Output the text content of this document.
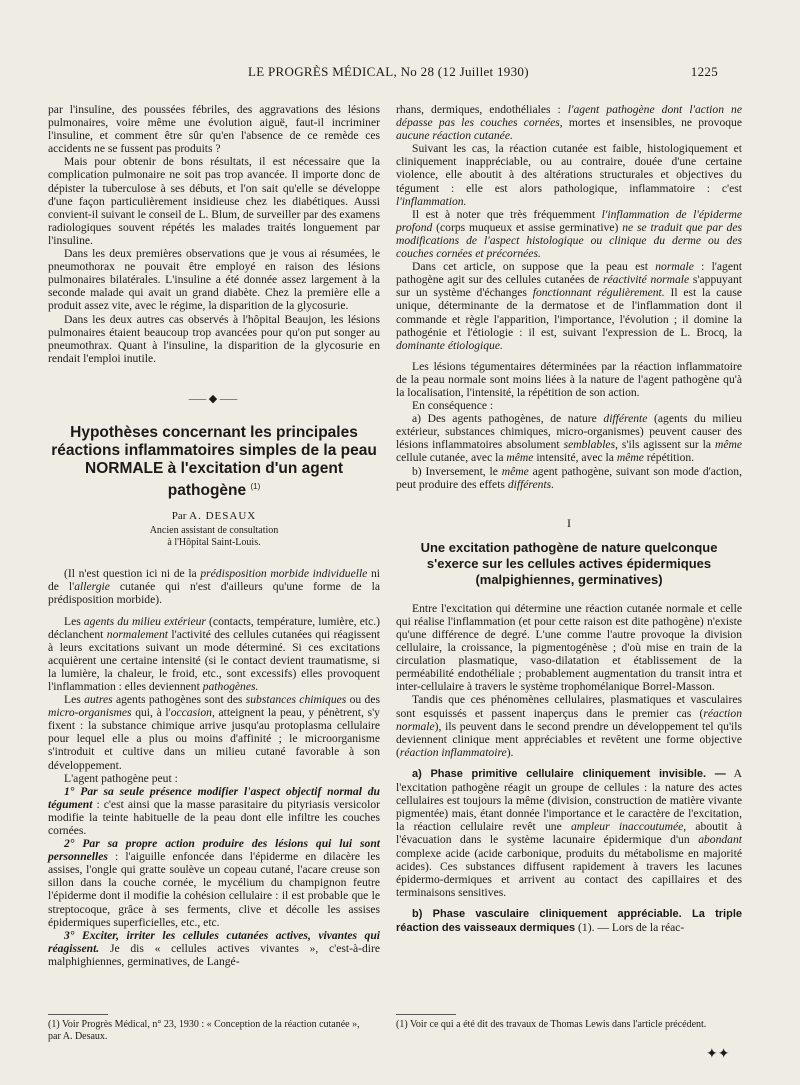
LE PROGRÈS MÉDICAL, No 28 (12 Juillet 1930)	1225

par l'insuline, des poussées fébriles, des aggravations des lésions pulmonaires, voire même une évolution aiguë, faut-il incriminer l'insuline, et comment être sûr qu'en l'absence de ce remède ces accidents ne se fussent pas produits ?

Mais pour obtenir de bons résultats, il est nécessaire que la complication pulmonaire ne soit pas trop avancée. Il importe donc de dépister la tuberculose à ses débuts, et l'on sait qu'elle se développe d'une façon particulièrement insidieuse chez les diabétiques. Aussi convient-il suivant le conseil de L. Blum, de surveiller par des examens radiologiques souvent répétés les malades traités longuement par l'insuline.

Dans les deux premières observations que je vous ai résumées, le pneumothorax ne pouvait être employé en raison des lésions pulmonaires bilatérales. L'insuline a été donnée assez largement à la seconde malade qui avait un grand diabète. Chez la première elle a produit assez vite, avec le régime, la disparition de la glycosurie.

Dans les deux autres cas observés à l'hôpital Beaujon, les lésions pulmonaires étaient beaucoup trop avancées pour qu'on put songer au pneumothrax. Quant à l'insuline, la disparition de la glycosurie en rendait l'emploi inutile.

⸺◆⸺
Hypothèses concernant les principales réactions inflammatoires simples de la peau NORMALE à l'excitation d'un agent pathogène $^{(1)}$
Par A. DESAUX
Ancien assistant de consultation
à l'Hôpital Saint-Louis.

(Il n'est question ici ni de la prédisposition morbide individuelle ni de l'allergie cutanée qui n'est d'ailleurs qu'une forme de la prédisposition morbide).

Les agents du milieu extérieur (contacts, température, lumière, etc.) déclanchent normalement l'activité des cellules cutanées qui réagissent à leurs excitations suivant un mode déterminé. Si ces excitations acquièrent une certaine intensité (si le contact devient traumatisme, si la lumière, la chaleur, le froid, etc., sont excessifs) elles provoquent l'inflammation : elles deviennent pathogènes.

Les autres agents pathogènes sont des substances chimiques ou des micro-organismes qui, à l'occasion, atteignent la peau, y pénètrent, s'y fixent : la substance chimique arrive jusqu'au protoplasma cellulaire pour lequel elle a plus ou moins d'affinité ; le microorganisme s'introduit et cultive dans un milieu cutané favorable à son développement.

L'agent pathogène peut :

1° Par sa seule présence modifier l'aspect objectif normal du tégument : c'est ainsi que la masse parasitaire du pityriasis versicolor modifie la teinte habituelle de la peau dont elle infiltre les couches cornées.

2° Par sa propre action produire des lésions qui lui sont personnelles : l'aiguille enfoncée dans l'épiderme en dilacère les assises, l'ongle qui gratte soulève un copeau cutané, l'acare creuse son sillon dans la couche cornée, le mycélium du champignon feutre l'épiderme dont il modifie la cohésion cellulaire : il est probable que le streptocoque, grâce à ses ferments, clive et décolle les assises épidermiques superficielles, etc., etc.

3° Exciter, irriter les cellules cutanées actives, vivantes qui réagissent. Je dis « cellules actives vivantes », c'est-à-dire malphighiennes, germinatives, de Langé-

rhans, dermiques, endothéliales : l'agent pathogène dont l'action ne dépasse pas les couches cornées, mortes et insensibles, ne provoque aucune réaction cutanée.

Suivant les cas, la réaction cutanée est faible, histologiquement et cliniquement inappréciable, ou au contraire, douée d'une certaine violence, elle aboutit à des altérations structurales et objectives du tégument : elle est alors pathologique, inflammatoire : c'est l'inflammation.

Il est à noter que très fréquemment l'inflammation de l'épiderme profond (corps muqueux et assise germinative) ne se traduit que par des modifications de l'aspect histologique ou clinique du derme ou des couches cornées et précornées.

Dans cet article, on suppose que la peau est normale : l'agent pathogène agit sur des cellules cutanées de réactivité normale s'appuyant sur un système d'échanges fonctionnant régulièrement. Il est la cause unique, déterminante de la dermatose et de l'inflammation dont il commande et règle l'apparition, l'importance, l'évolution ; il domine la pathogénie et l'étiologie : il est, suivant l'expression de L. Brocq, la dominante étiologique.

Les lésions tégumentaires déterminées par la réaction inflammatoire de la peau normale sont moins liées à la nature de l'agent pathogène qu'à la localisation, l'intensité, la répétition de son action.

En conséquence :

a) Des agents pathogènes, de nature différente (agents du milieu extérieur, substances chimiques, micro-organismes) peuvent causer des lésions inflammatoires absolument semblables, s'ils agissent sur la même cellule cutanée, avec la même intensité, avec la même répétition.

b) Inversement, le même agent pathogène, suivant son mode d'action, peut produire des effets différents.

I
Une excitation pathogène de nature quelconque s'exerce sur les cellules actives épidermiques (malpighiennes, germinatives)

Entre l'excitation qui détermine une réaction cutanée normale et celle qui réalise l'inflammation (et pour cette raison est dite pathogène) n'existe qu'une différence de degré. L'une comme l'autre provoque la division cellulaire, la croissance, la pigmentogénèse ; d'où mise en train de la circulation plasmatique, vaso-dilatation et établissement de la perméabilité endothéliale ; probablement augmentation du transit intra et inter-cellulaire à travers le système trophomélanique Borrel-Masson.

Tandis que ces phénomènes cellulaires, plasmatiques et vasculaires sont esquissés et passent inaperçus dans le premier cas (réaction normale), ils peuvent dans le second prendre un développement tel qu'ils deviennent clinique ment appréciables et revêtent une forme objective (réaction inflammatoire).

a) Phase primitive cellulaire cliniquement invisible. — A l'excitation pathogène réagit un groupe de cellules : la nature des actes cellulaires est toujours la même (division, construction de matière vivante pigmentée) mais, étant donnée l'importance et le caractère de l'excitation, la réaction cellulaire revêt une ampleur inaccoutumée, aboutit à l'évacuation dans le système lacunaire épidermique d'un abondant complexe acide (acide carbonique, produits du métabolisme en majorité acides). Ces substances diffusent rapidement à travers les lacunes épidermo-dermiques et arrivent au contact des capillaires et des terminaisons sensitives.

b) Phase vasculaire cliniquement appréciable. La triple réaction des vaisseaux dermiques (1). — Lors de la réac-

(1) Voir Progrès Médical, n° 23, 1930 : « Conception de la réaction cutanée », par A. Desaux.
(1) Voir ce qui a été dit des travaux de Thomas Lewis dans l'article précédent.
✦✦
